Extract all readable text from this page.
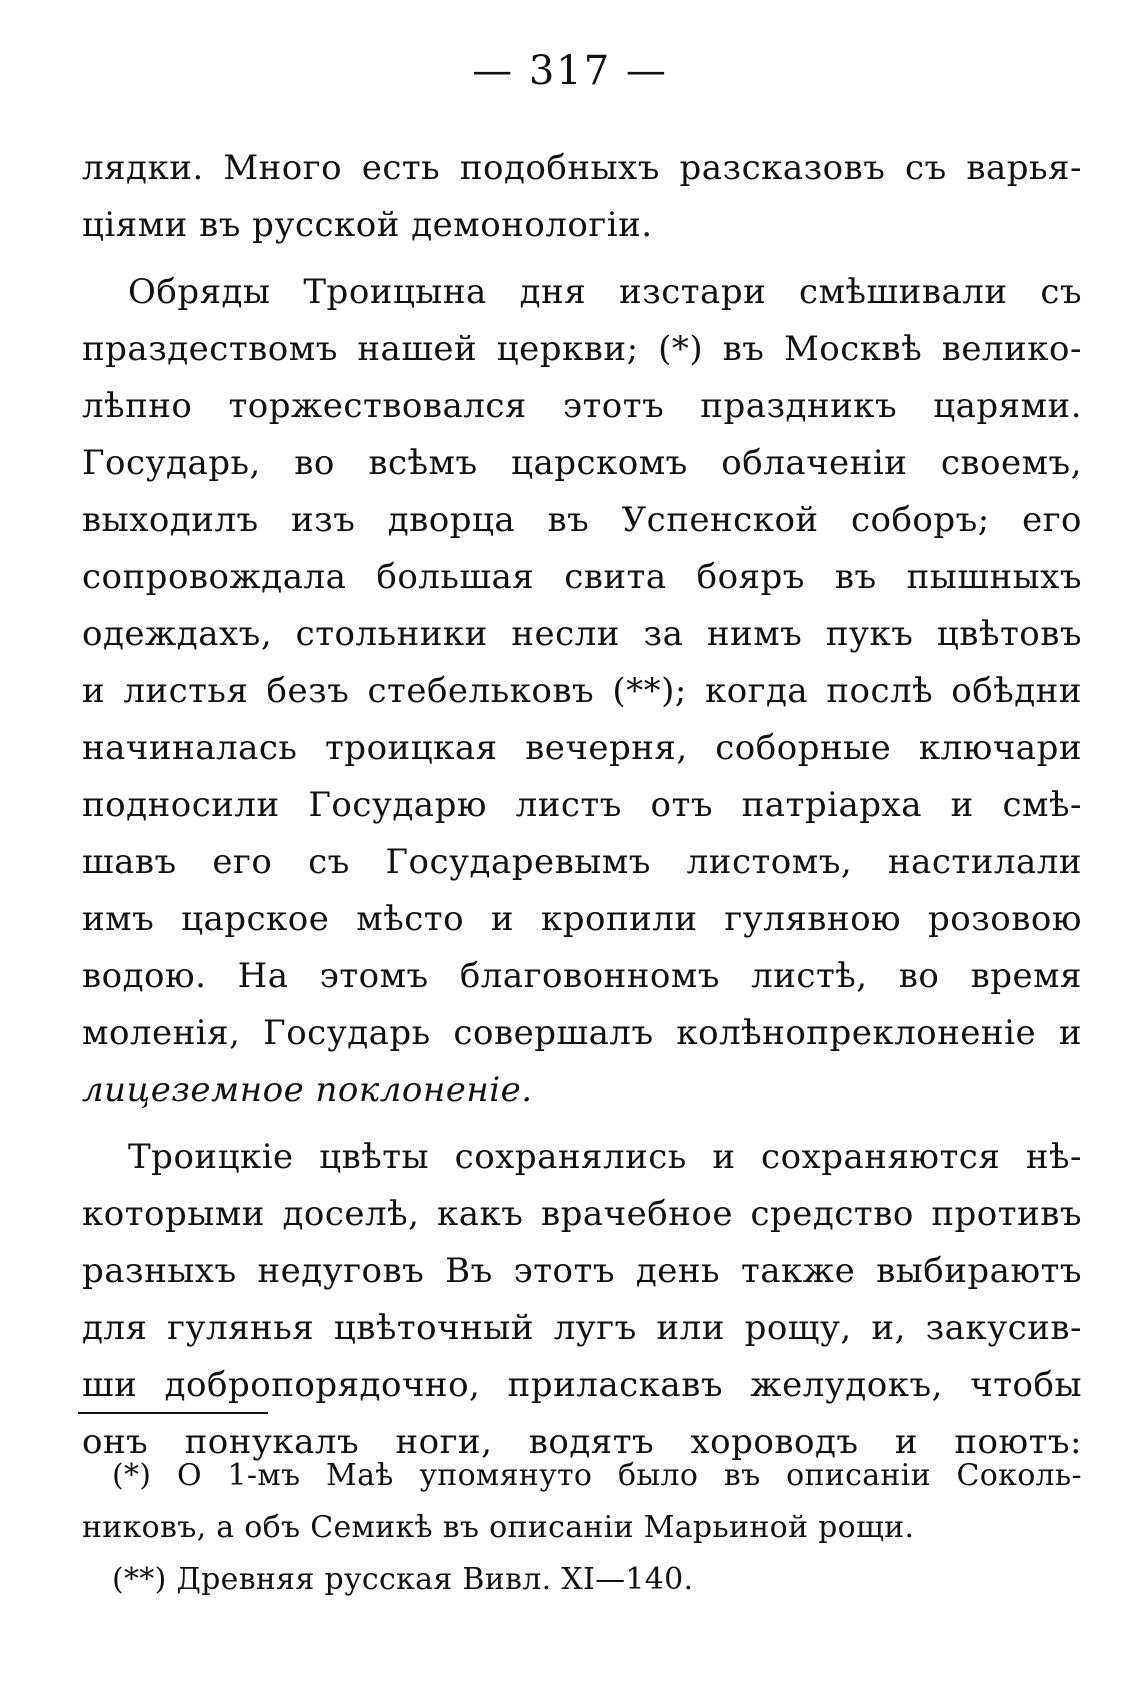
— 317 —
лядки. Много есть подобныхъ разсказовъ съ варья-
ціями въ русской демонологіи.
Обряды Троицына дня изстари смѣшивали съ
праздествомъ нашей церкви; (*) въ Москвѣ велико-
лѣпно торжествовался этотъ праздникъ царями.
Государь, во всѣмъ царскомъ облаченіи своемъ,
выходилъ изъ дворца въ Успенской соборъ; его
сопровождала большая свита бояръ въ пышныхъ
одеждахъ, стольники несли за нимъ пукъ цвѣтовъ
и листья безъ стебельковъ (**); когда послѣ обѣдни
начиналась троицкая вечерня, соборные ключари
подносили Государю листъ отъ патріарха и смѣ-
шавъ его съ Государевымъ листомъ, настилали
имъ царское мѣсто и кропили гулявною розовою
водою. На этомъ благовонномъ листѣ, во время
моленія, Государь совершалъ колѣнопреклоненіе и
лицеземное поклоненіе.
Троицкіе цвѣты сохранялись и сохраняются нѣ-
которыми доселѣ, какъ врачебное средство противъ
разныхъ недуговъ Въ этотъ день также выбираютъ
для гулянья цвѣточный лугъ или рощу, и, закусив-
ши добропорядочно, приласкавъ желудокъ, чтобы
онъ понукалъ ноги, водятъ хороводъ и поютъ:
(*) О 1-мъ Маѣ упомянуто было въ описаніи Соколь-
никовъ, а объ Семикѣ въ описаніи Марьиной рощи.
(**) Древняя русская Вивл. XI—140.
